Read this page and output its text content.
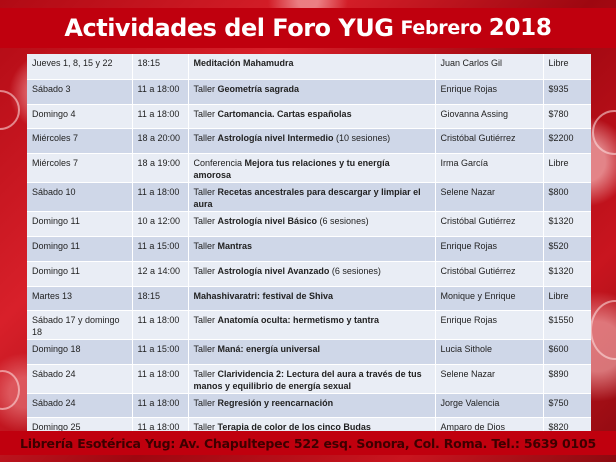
Actividades del Foro YUG Febrero 2018
Jueves 1, 8, 15 y 22	18:15	Meditación Mahamudra	Juan Carlos Gil	Libre
Sábado 3	11 a 18:00	Taller Geometría sagrada	Enrique Rojas	$935
Domingo 4	11 a 18:00	Taller Cartomancia. Cartas españolas	Giovanna Assing	$780
Miércoles 7	18 a 20:00	Taller Astrología nivel Intermedio (10 sesiones)	Cristóbal Gutiérrez	$2200
Miércoles 7	18 a 19:00	Conferencia Mejora tus relaciones y tu energía amorosa	Irma García	Libre
Sábado 10	11 a 18:00	Taller Recetas ancestrales para descargar y limpiar el aura	Selene Nazar	$800
Domingo 11	10 a 12:00	Taller Astrología nivel Básico (6 sesiones)	Cristóbal Gutiérrez	$1320
Domingo 11	11 a 15:00	Taller Mantras	Enrique Rojas	$520
Domingo 11	12 a 14:00	Taller Astrología nivel Avanzado (6 sesiones)	Cristóbal Gutiérrez	$1320
Martes 13	18:15	Mahashivaratri: festival de Shiva	Monique y Enrique	Libre
Sábado 17 y domingo 18	11 a 18:00	Taller Anatomía oculta: hermetismo y tantra	Enrique Rojas	$1550
Domingo 18	11 a 15:00	Taller Maná: energía universal	Lucia Sithole	$600
Sábado 24	11 a 18:00	Taller Clarividencia 2: Lectura del aura a través de tus manos y equilibrio de energía sexual	Selene Nazar	$890
Sábado 24	11 a 18:00	Taller Regresión y reencarnación	Jorge Valencia	$750
Domingo 25	11 a 18:00	Taller Terapia de color de los cinco Budas	Amparo de Dios	$820
Librería Esotérica Yug: Av. Chapultepec 522 esq. Sonora, Col. Roma. Tel.: 5639 0105
